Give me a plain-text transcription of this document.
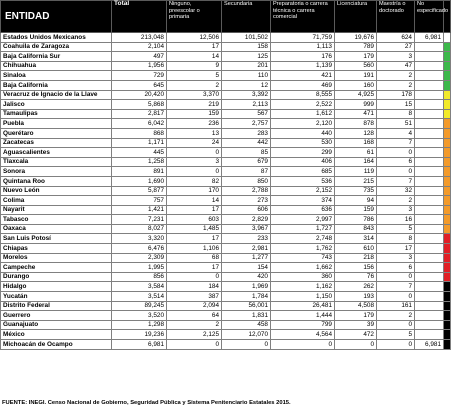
ENTIDAD	Total	Ninguno, preescolar o primaria	Secundaria	Preparatoria o carrera técnica o carrera comercial	Licenciatura	Maestría o doctorado	No especificado	
Estados Unidos Mexicanos	213,048	12,506	101,502	71,759	19,676	624	6,981	
Coahuila de Zaragoza	2,104	17	158	1,113	789	27		
Baja California Sur	497	14	125	176	179	3		
Chihuahua	1,956	9	201	1,139	560	47		
Sinaloa	729	5	110	421	191	2		
Baja California	645	2	12	469	160	2		
Veracruz de Ignacio de la Llave	20,420	3,370	3,392	8,555	4,925	178		
Jalisco	5,868	219	2,113	2,522	999	15		
Tamaulipas	2,817	159	567	1,612	471	8		
Puebla	6,042	236	2,757	2,120	878	51		
Querétaro	868	13	283	440	128	4		
Zacatecas	1,171	24	442	530	168	7		
Aguascalientes	445	0	85	299	61	0		
Tlaxcala	1,258	3	679	406	164	6		
Sonora	891	0	87	685	119	0		
Quintana Roo	1,690	82	850	536	215	7		
Nuevo León	5,877	170	2,788	2,152	735	32		
Colima	757	14	273	374	94	2		
Nayarit	1,421	17	606	636	159	3		
Tabasco	7,231	603	2,829	2,997	786	16		
Oaxaca	8,027	1,485	3,967	1,727	843	5		
San Luis Potosí	3,320	17	233	2,748	314	8		
Chiapas	6,476	1,106	2,981	1,762	610	17		
Morelos	2,309	68	1,277	743	218	3		
Campeche	1,995	17	154	1,662	156	6		
Durango	856	0	420	360	76	0		
Hidalgo	3,584	184	1,969	1,162	262	7		
Yucatán	3,514	387	1,784	1,150	193	0		
Distrito Federal	89,245	2,094	56,001	26,481	4,508	161		
Guerrero	3,520	64	1,831	1,444	179	2		
Guanajuato	1,298	2	458	799	39	0		
México	19,236	2,125	12,070	4,564	472	5		
Michoacán de Ocampo	6,981	0	0	0	0	0	6,981	
FUENTE: INEGI. Censo Nacional de Gobierno, Seguridad Pública y Sistema Penitenciario Estatales 2015.
